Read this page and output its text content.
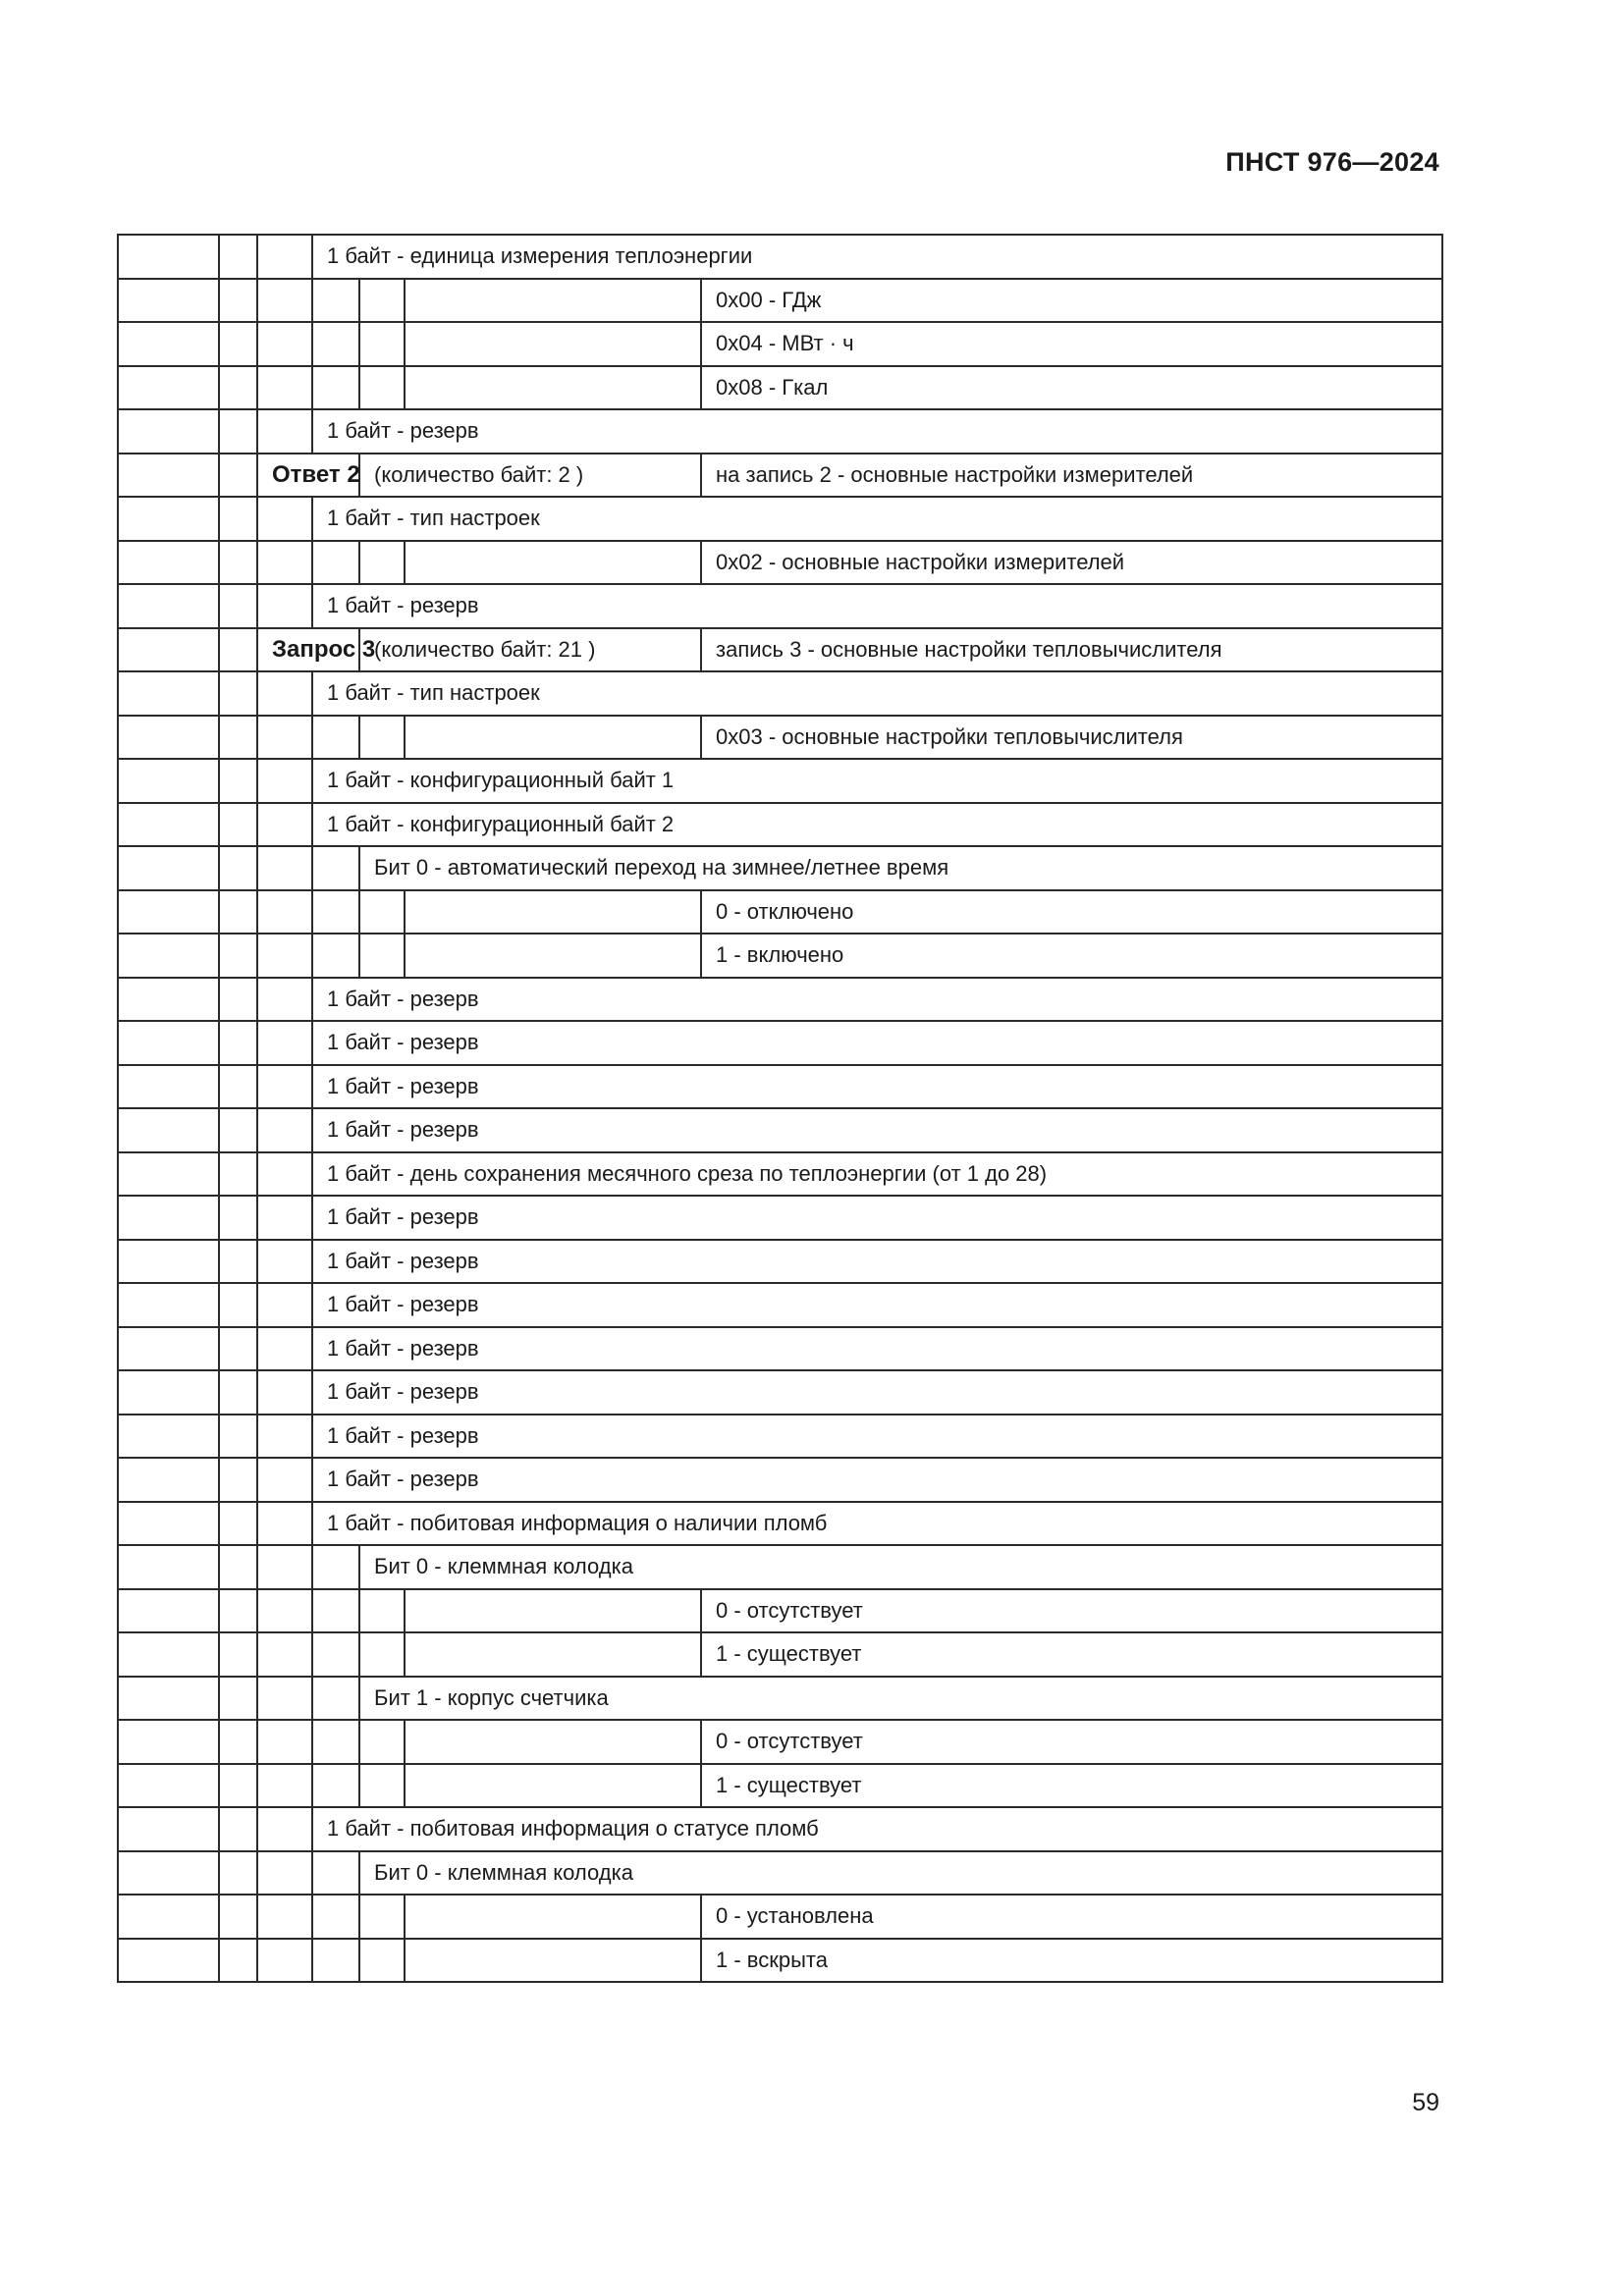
ПНСТ 976—2024
			1 байт - единица измерения теплоэнергии			
						0x00 - ГДж
						0x04 - МВт · ч
						0x08 - Гкал
			1 байт - резерв			
		Ответ 2		(количество байт: 2 )		на запись 2 - основные настройки измерителей
			1 байт - тип настроек			
						0x02 - основные настройки измерителей
			1 байт - резерв			
		Запрос 3		(количество байт: 21 )		запись 3 - основные настройки тепловычислителя
			1 байт - тип настроек			
						0x03 - основные настройки тепловычислителя
			1 байт - конфигурационный байт 1			
			1 байт - конфигурационный байт 2			
				Бит 0 - автоматический переход на зимнее/летнее время		
						0 - отключено
						1 - включено
			1 байт - резерв			
			1 байт - резерв			
			1 байт - резерв			
			1 байт - резерв			
			1 байт - день сохранения месячного среза по теплоэнергии (от 1 до 28)			
			1 байт - резерв			
			1 байт - резерв			
			1 байт - резерв			
			1 байт - резерв			
			1 байт - резерв			
			1 байт - резерв			
			1 байт - резерв			
			1 байт - побитовая информация о наличии пломб			
				Бит 0 - клеммная колодка		
						0 - отсутствует
						1 - существует
				Бит 1 - корпус счетчика		
						0 - отсутствует
						1 - существует
			1 байт - побитовая информация о статусе пломб			
				Бит 0 - клеммная колодка		
						0 - установлена
						1 - вскрыта
59
